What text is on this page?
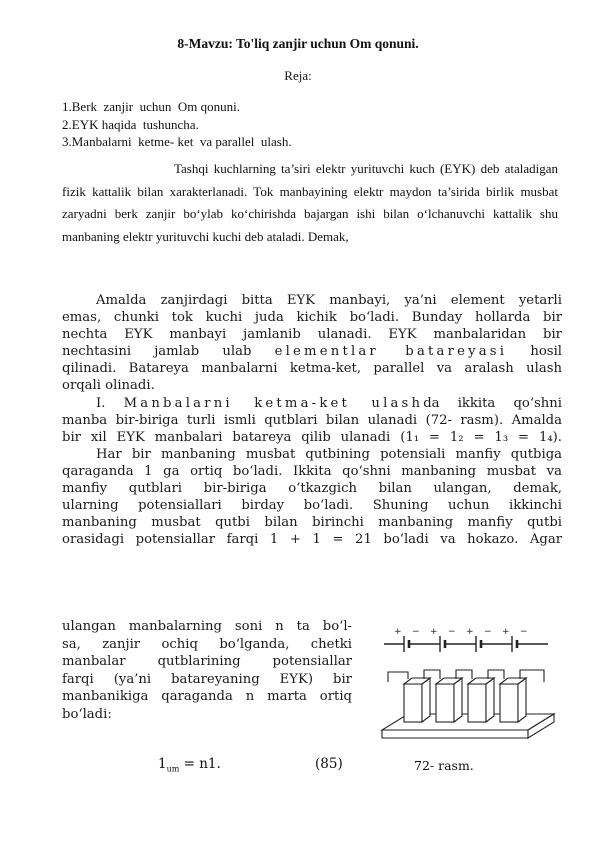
8-Mavzu: To'liq zanjir uchun Om qonuni.
Reja:
1.Berk  zanjir  uchun  Om qonuni.
2.EYK haqida  tushuncha.
3.Manbalarni  ketme- ket  va parallel  ulash.
Tashqi kuchlarning ta’siri elektr yurituvchi kuch (EYK) deb ataladigan fizik kattalik bilan xarakterlanadi. Tok manbayining elektr maydon ta’sirida birlik musbat zaryadni berk zanjir bo‘ylab ko‘chirishda bajargan ishi bilan o‘lchanuvchi kattalik shu manbaning elektr yurituvchi kuchi deb ataladi. Demak,
Amalda zanjirdagi bitta EYK manbayi, ya’ni element yetarli
emas, chunki tok kuchi juda kichik bo‘ladi. Bunday hollarda bir
nechta EYK manbayi jamlanib ulanadi. EYK manbalaridan bir
nechtasini jamlab ulab elementlar batareyasi hosil
qilinadi. Batareya manbalarni ketma-ket, parallel va aralash ulash
orqali olinadi.
I. Manbalarni ketma-ket ulashda ikkita qo‘shni
manba bir-biriga turli ismli qutblari bilan ulanadi (72- rasm). Amalda
bir xil EYK manbalari batareya qilib ulanadi (1₁ = 1₂ = 1₃ = 1₄).
Har bir manbaning musbat qutbining potensiali manfiy qutbiga
qaraganda 1 ga ortiq bo‘ladi. Ikkita qo‘shni manbaning musbat va
manfiy qutblari bir-biriga o‘tkazgich bilan ulangan, demak,
ularning potensiallari birday bo‘ladi. Shuning uchun ikkinchi
manbaning musbat qutbi bilan birinchi manbaning manfiy qutbi
orasidagi potensiallar farqi 1 + 1 = 21 bo‘ladi va hokazo. Agar
ulangan manbalarning soni n ta bo‘l-
sa, zanjir ochiq bo‘lganda, chetki
manbalar qutblarining potensiallar
farqi (ya’ni batareyaning EYK) bir
manbanikiga qaraganda n marta ortiq
bo‘ladi:
$1_{um} = n1$.	(85)	72- rasm.
+ − + − + − + −
